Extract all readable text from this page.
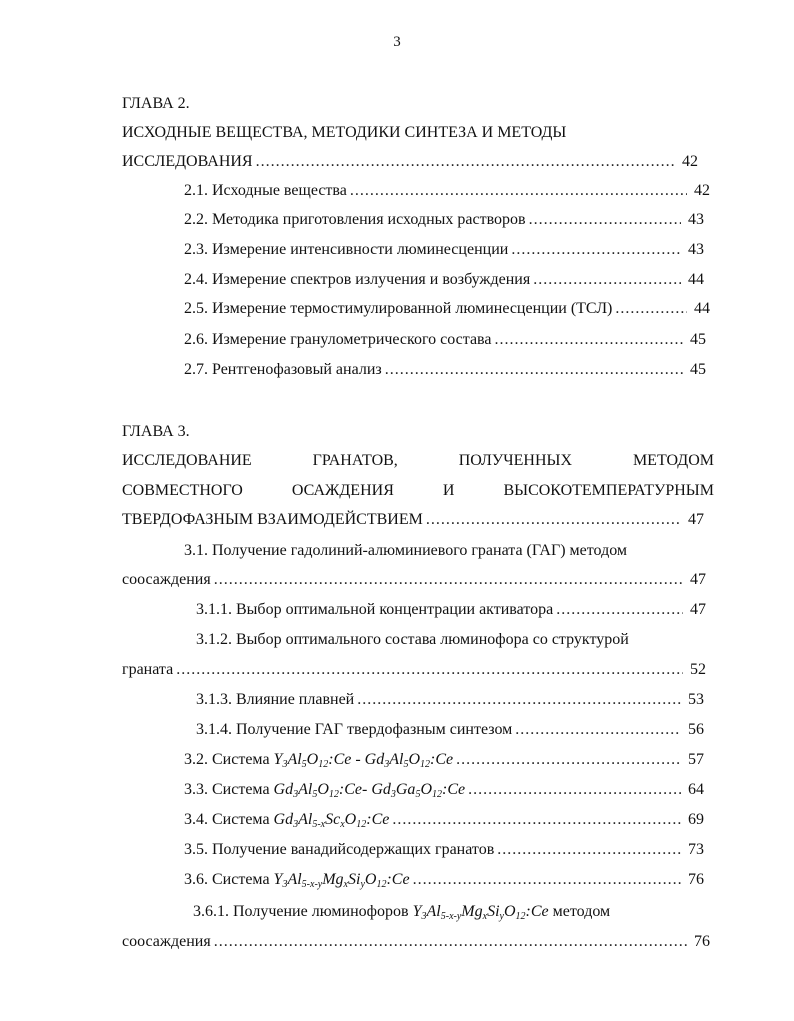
3
ГЛАВА 2.
ИСХОДНЫЕ ВЕЩЕСТВА, МЕТОДИКИ СИНТЕЗА И МЕТОДЫ
ИССЛЕДОВАНИЯ .....	42
2.1. Исходные вещества .....	42
2.2. Методика приготовления исходных растворов .....	43
2.3. Измерение интенсивности люминесценции .....	43
2.4. Измерение спектров излучения и возбуждения .....	44
2.5. Измерение термостимулированной люминесценции (ТСЛ) .....	44
2.6. Измерение гранулометрического состава .....	45
2.7. Рентгенофазовый анализ .....	45
ГЛАВА 3.
ИССЛЕДОВАНИЕ	ГРАНАТОВ,	ПОЛУЧЕННЫХ	МЕТОДОМ
СОВМЕСТНОГО	ОСАЖДЕНИЯ	И	ВЫСОКОТЕМПЕРАТУРНЫМ
ТВЕРДОФАЗНЫМ ВЗАИМОДЕЙСТВИЕМ .....	47
3.1. Получение гадолиний-алюминиевого граната (ГАГ) методом
соосаждения .....	47
3.1.1. Выбор оптимальной концентрации активатора .....	47
3.1.2. Выбор оптимального состава люминофора со структурой
граната .....	52
3.1.3. Влияние плавней .....	53
3.1.4. Получение ГАГ твердофазным синтезом .....	56
3.2. Система $Y_3Al_5O_{12}:Ce$ - $Gd_3Al_5O_{12}:Ce$ .....	57
3.3. Система $Gd_3Al_5O_{12}:Ce-$ $Gd_3Ga_5O_{12}:Ce$ .....	64
3.4. Система $Gd_3Al_{5-x}Sc_xO_{12}:Ce$ .....	69
3.5. Получение ванадийсодержащих гранатов .....	73
3.6. Система $Y_3Al_{5-x-y}Mg_xSi_yO_{12}:Ce$ .....	76
3.6.1. Получение люминофоров $Y_3Al_{5-x-y}Mg_xSi_yO_{12}:Ce$ методом
соосаждения .....	76
